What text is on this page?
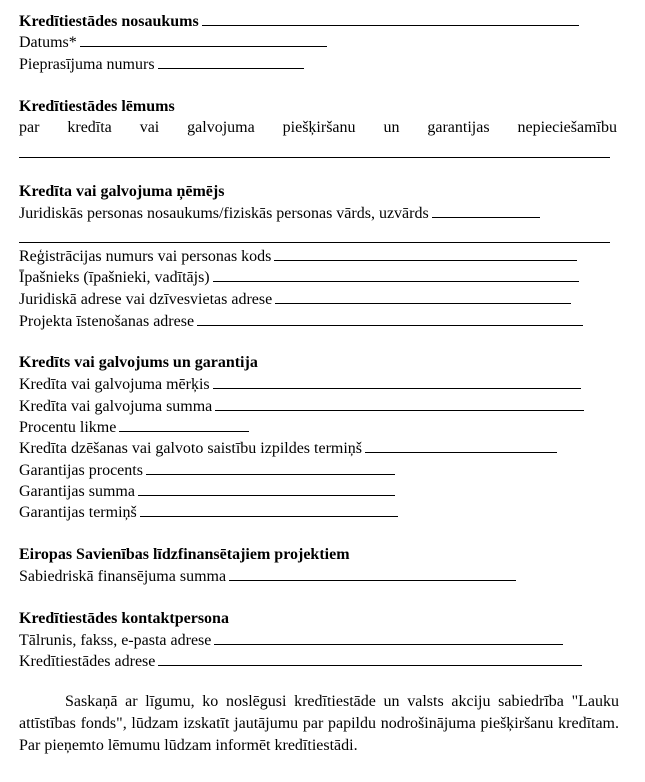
Kredītiestādes nosaukums
Datums*
Pieprasījuma numurs
Kredītiestādes lēmums
par kredīta vai galvojuma piešķiršanu un garantijas nepieciešamību
Kredīta vai galvojuma ņēmējs
Juridiskās personas nosaukums/fiziskās personas vārds, uzvārds
Reģistrācijas numurs vai personas kods
Īpašnieks (īpašnieki, vadītājs)
Juridiskā adrese vai dzīvesvietas adrese
Projekta īstenošanas adrese
Kredīts vai galvojums un garantija
Kredīta vai galvojuma mērķis
Kredīta vai galvojuma summa
Procentu likme
Kredīta dzēšanas vai galvoto saistību izpildes termiņš
Garantijas procents
Garantijas summa
Garantijas termiņš
Eiropas Savienības līdzfinansētajiem projektiem
Sabiedriskā finansējuma summa
Kredītiestādes kontaktpersona
Tālrunis, fakss, e-pasta adrese
Kredītiestādes adrese
Saskaņā ar līgumu, ko noslēgusi kredītiestāde un valsts akciju sabiedrība "Lauku attīstības fonds", lūdzam izskatīt jautājumu par papildu nodrošinājuma piešķiršanu kredītam. Par pieņemto lēmumu lūdzam informēt kredītiestādi.
